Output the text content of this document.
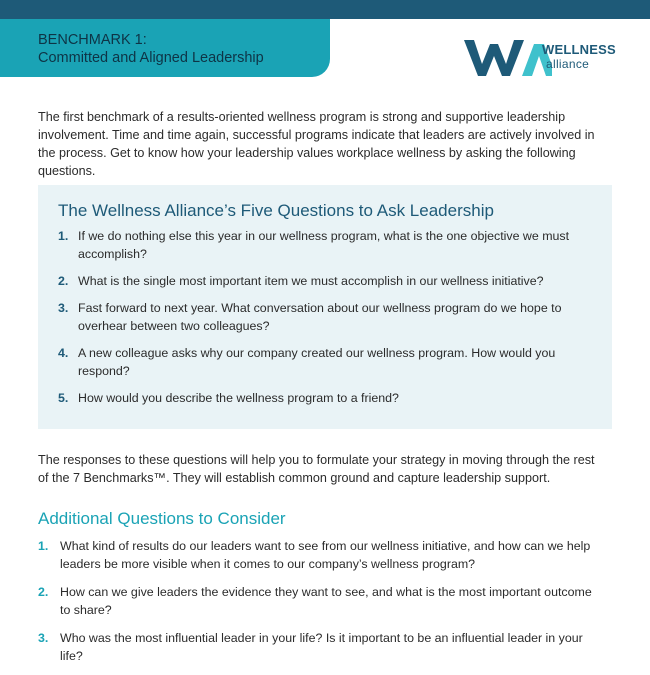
BENCHMARK 1:
Committed and Aligned Leadership
WELLNESS
alliance

The first benchmark of a results-oriented wellness program is strong and supportive leadership involvement. Time and time again, successful programs indicate that leaders are actively involved in the process. Get to know how your leadership values workplace wellness by asking the following questions.

The Wellness Alliance’s Five Questions to Ask Leadership
1. If we do nothing else this year in our wellness program, what is the one objective we must accomplish?
2. What is the single most important item we must accomplish in our wellness initiative?
3. Fast forward to next year. What conversation about our wellness program do we hope to overhear between two colleagues?
4. A new colleague asks why our company created our wellness program. How would you respond?
5. How would you describe the wellness program to a friend?

The responses to these questions will help you to formulate your strategy in moving through the rest of the 7 Benchmarks™. They will establish common ground and capture leadership support.

Additional Questions to Consider
1. What kind of results do our leaders want to see from our wellness initiative, and how can we help leaders be more visible when it comes to our company’s wellness program?
2. How can we give leaders the evidence they want to see, and what is the most important outcome to share?
3. Who was the most influential leader in your life? Is it important to be an influential leader in your life?
